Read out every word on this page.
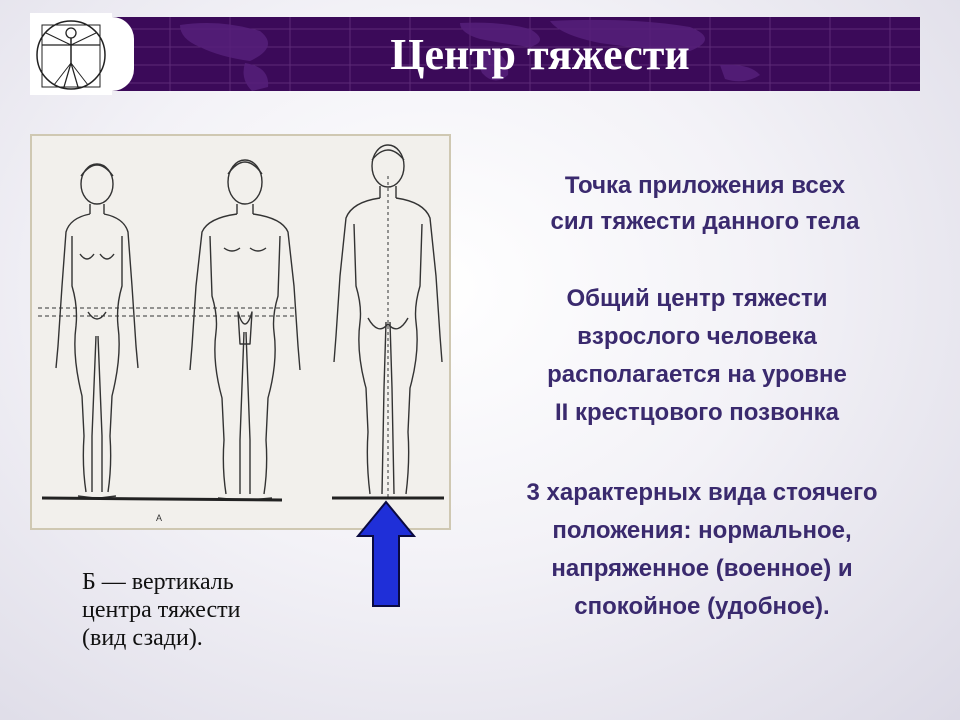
Центр тяжести
А
Б — вертикаль
центра тяжести
(вид сзади).
Точка приложения всех
сил тяжести данного тела
Общий центр тяжести
взрослого человека
располагается на уровне
II крестцового позвонка
3 характерных вида стоячего
положения: нормальное,
напряженное (военное) и
спокойное (удобное).
